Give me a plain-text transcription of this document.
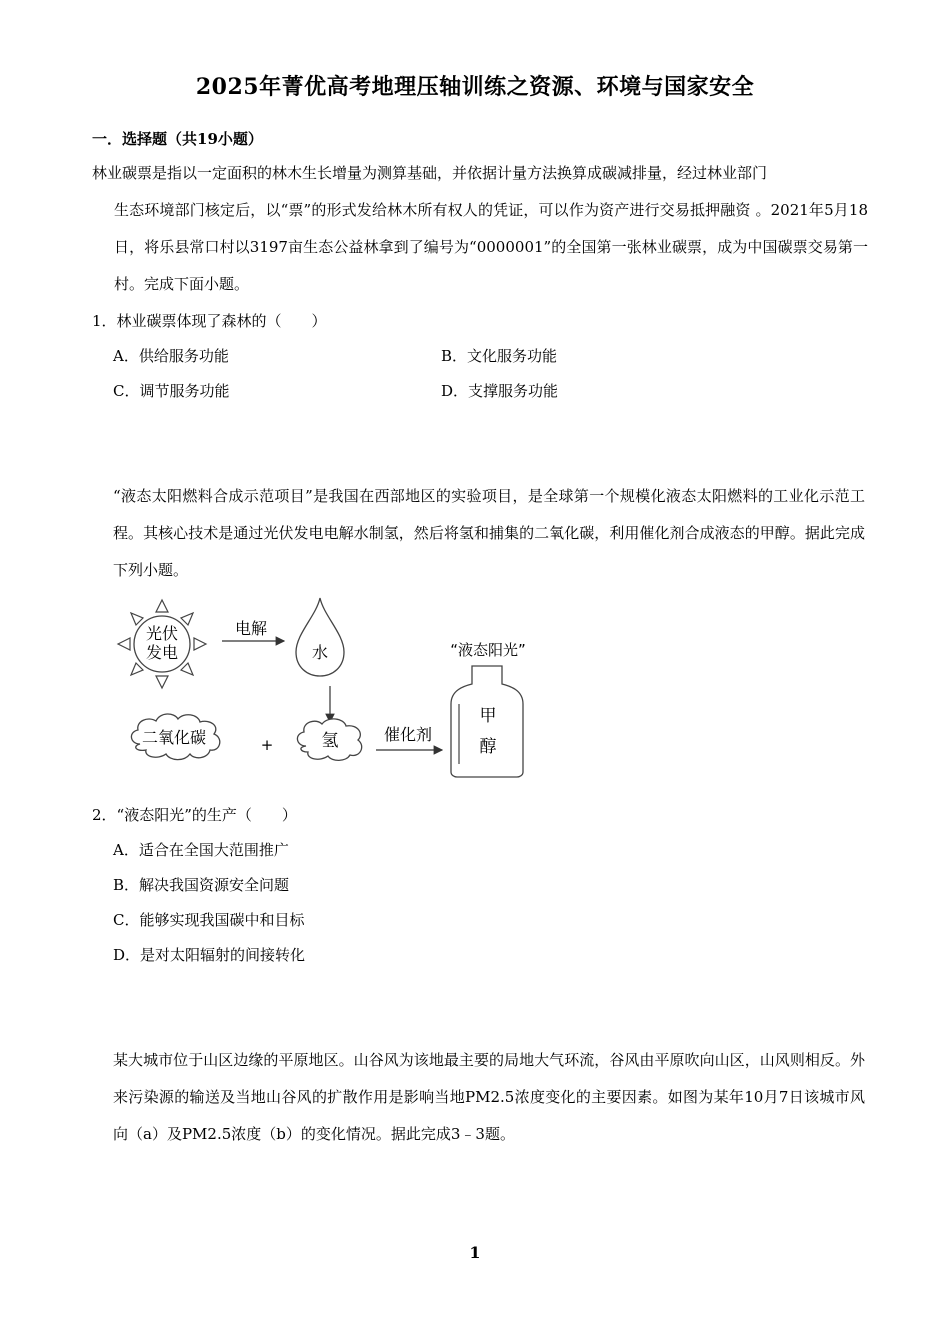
2025年菁优高考地理压轴训练之资源、环境与国家安全
一．选择题（共19小题）
林业碳票是指以一定面积的林木生长增量为测算基础，并依据计量方法换算成碳减排量，经过林业部门
生态环境部门核定后，以“票”的形式发给林木所有权人的凭证，可以作为资产进行交易抵押融资 。2021年5月18日，将乐县常口村以3197亩生态公益林拿到了编号为“0000001”的全国第一张林业碳票，成为中国碳票交易第一村。完成下面小题。
1．林业碳票体现了森林的（　　）
A．供给服务功能	B．文化服务功能
C．调节服务功能	D．支撑服务功能
“液态太阳燃料合成示范项目”是我国在西部地区的实验项目，是全球第一个规模化液态太阳燃料的工业化示范工程。其核心技术是通过光伏发电电解水制氢，然后将氢和捕集的二氧化碳，利用催化剂合成液态的甲醇。据此完成下列小题。
光伏
发电
电解
水	“液态阳光”
甲
醇
二氧化碳	+	氢	催化剂
2．“液态阳光”的生产（　　）
A．适合在全国大范围推广
B．解决我国资源安全问题
C．能够实现我国碳中和目标
D．是对太阳辐射的间接转化
某大城市位于山区边缘的平原地区。山谷风为该地最主要的局地大气环流，谷风由平原吹向山区，山风则相反。外来污染源的输送及当地山谷风的扩散作用是影响当地PM2.5浓度变化的主要因素。如图为某年10月7日该城市风向（a）及PM2.5浓度（b）的变化情况。据此完成3﹣3题。
1
